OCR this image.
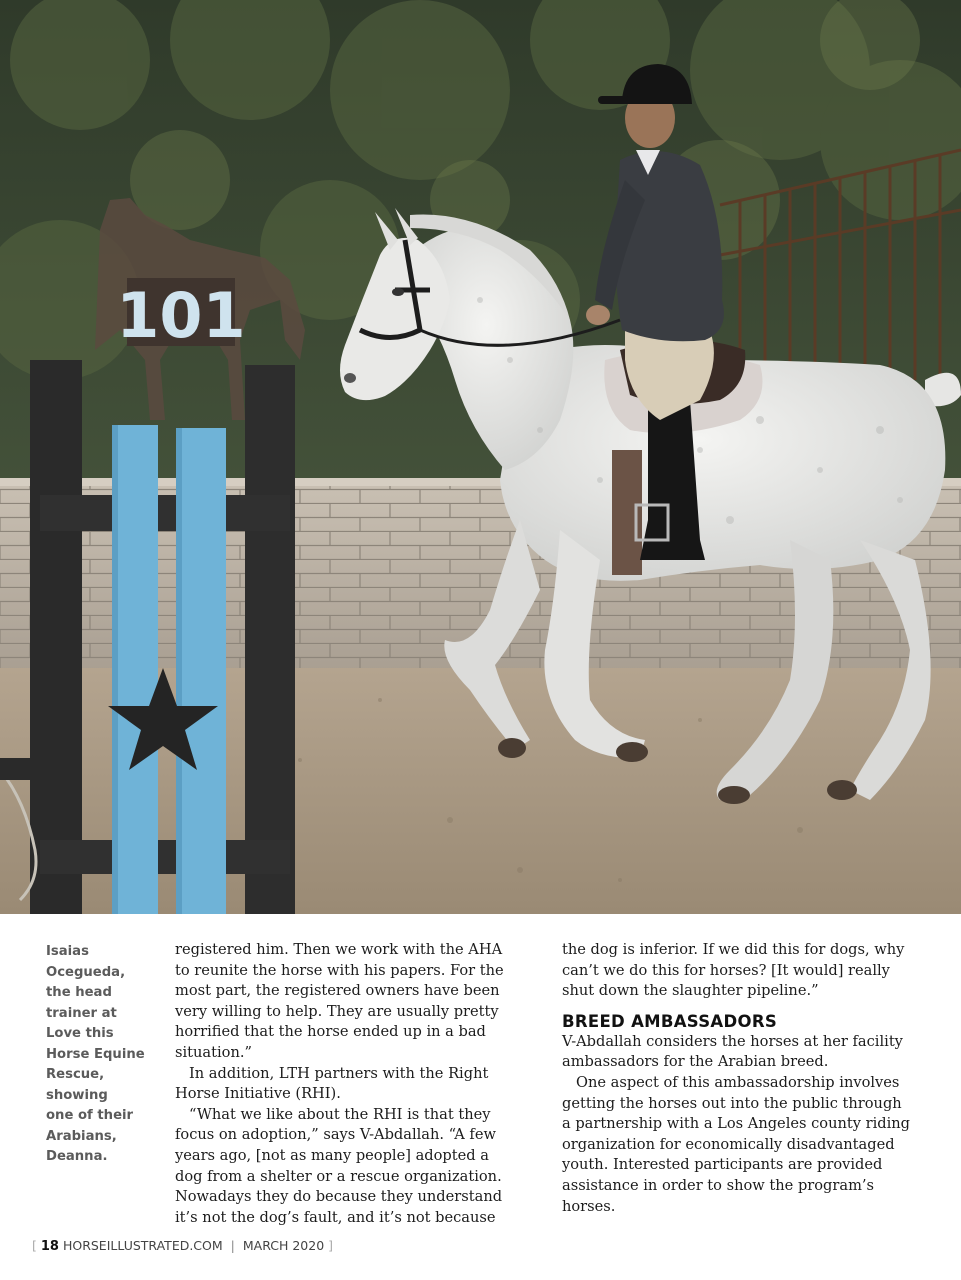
101
Isaias
Ocegueda,
the head
trainer at
Love this
Horse Equine
Rescue,
showing
one of their
Arabians,
Deanna.
registered him. Then we work with the AHA
to reunite the horse with his papers. For the
most part, the registered owners have been
very willing to help. They are usually pretty
horrified that the horse ended up in a bad
situation.”
In addition, LTH partners with the Right
Horse Initiative (RHI).
“What we like about the RHI is that they
focus on adoption,” says V-Abdallah. “A few
years ago, [not as many people] adopted a
dog from a shelter or a rescue organization.
Nowadays they do because they understand
it’s not the dog’s fault, and it’s not because
the dog is inferior. If we did this for dogs, why
can’t we do this for horses? [It would] really
shut down the slaughter pipeline.”
BREED AMBASSADORS
V-Abdallah considers the horses at her facility
ambassadors for the Arabian breed.
One aspect of this ambassadorship involves
getting the horses out into the public through
a partnership with a Los Angeles county riding
organization for economically disadvantaged
youth. Interested participants are provided
assistance in order to show the program’s
horses.
[ 18 HORSEILLUSTRATED.COM | MARCH 2020 ]
